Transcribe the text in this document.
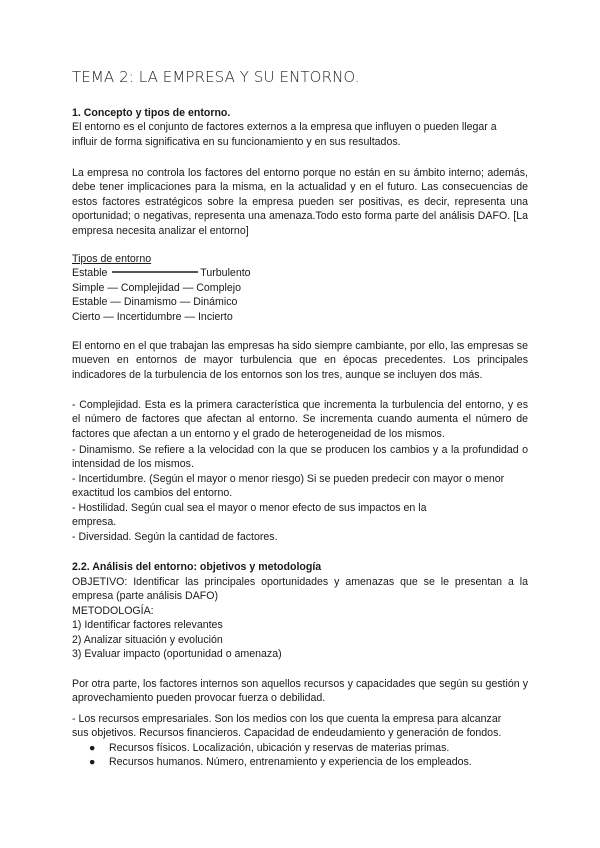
TEMA 2: LA EMPRESA Y SU ENTORNO.
1. Concepto y tipos de entorno.
El entorno es el conjunto de factores externos a la empresa que influyen o pueden llegar a
influir de forma significativa en su funcionamiento y en sus resultados.
La empresa no controla los factores del entorno porque no están en su ámbito interno; además, debe tener implicaciones para la misma, en la actualidad y en el futuro. Las consecuencias de estos factores estratégicos sobre la empresa pueden ser positivas, es decir, representa una oportunidad; o negativas, representa una amenaza.Todo esto forma parte del análisis DAFO. [La empresa necesita analizar el entorno]
Tipos de entorno
Estable	Turbulento
Simple — Complejidad — Complejo
Estable — Dinamismo — Dinámico
Cierto — Incertidumbre — Incierto
El entorno en el que trabajan las empresas ha sido siempre cambiante, por ello, las empresas se mueven en entornos de mayor turbulencia que en épocas precedentes. Los principales indicadores de la turbulencia de los entornos son los tres, aunque se incluyen dos más.
- Complejidad. Esta es la primera característica que incrementa la turbulencia del entorno, y es el número de factores que afectan al entorno. Se incrementa cuando aumenta el número de factores que afectan a un entorno y el grado de heterogeneidad de los mismos.
- Dinamismo. Se refiere a la velocidad con la que se producen los cambios y a la profundidad o intensidad de los mismos.
- Incertidumbre. (Según el mayor o menor riesgo) Si se pueden predecir con mayor o menor
exactitud los cambios del entorno.
- Hostilidad. Según cual sea el mayor o menor efecto de sus impactos en la
empresa.
- Diversidad. Según la cantidad de factores.
2.2. Análisis del entorno: objetivos y metodología
OBJETIVO: Identificar las principales oportunidades y amenazas que se le presentan a la empresa (parte análisis DAFO)
METODOLOGÍA:
1) Identificar factores relevantes
2) Analizar situación y evolución
3) Evaluar impacto (oportunidad o amenaza)
Por otra parte, los factores internos son aquellos recursos y capacidades que según su gestión y aprovechamiento pueden provocar fuerza o debilidad.
- Los recursos empresariales. Son los medios con los que cuenta la empresa para alcanzar
sus objetivos. Recursos financieros. Capacidad de endeudamiento y generación de fondos.
● Recursos físicos. Localización, ubicación y reservas de materias primas.
● Recursos humanos. Número, entrenamiento y experiencia de los empleados.
